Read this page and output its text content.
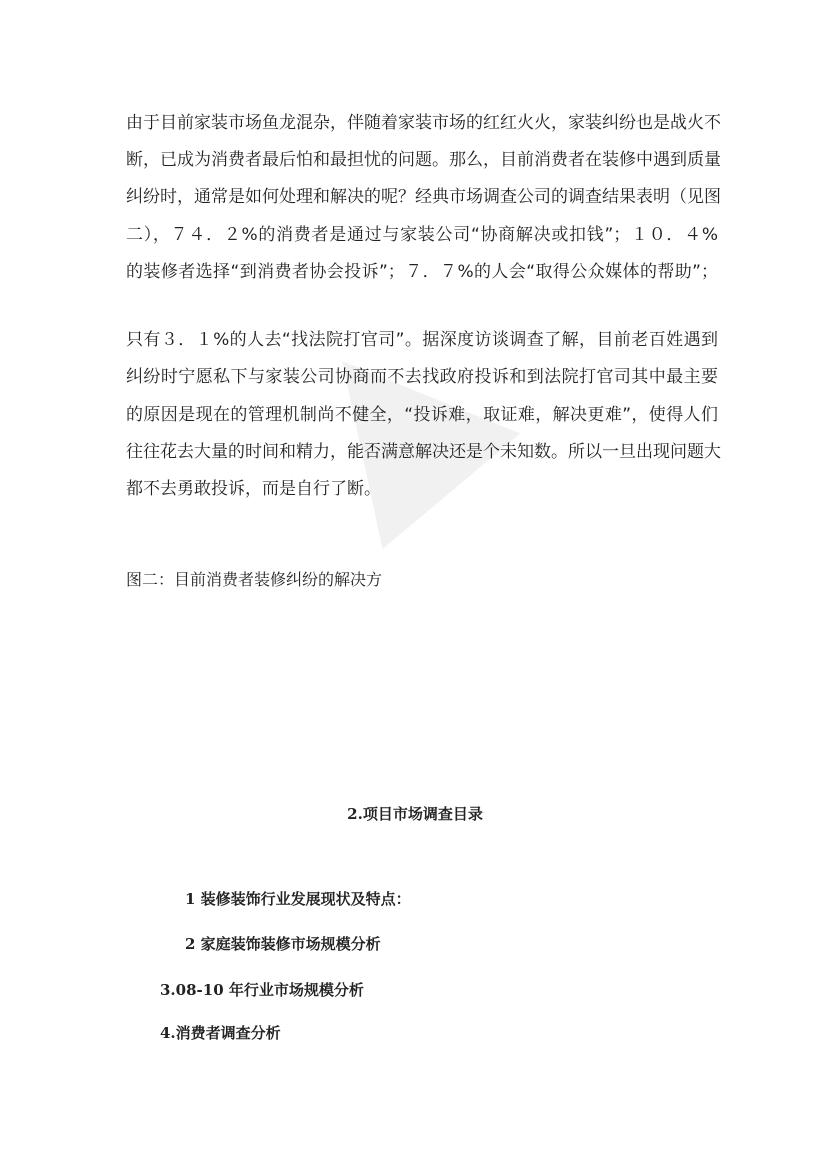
由于目前家装市场鱼龙混杂，伴随着家装市场的红红火火，家装纠纷也是战火不
断，已成为消费者最后怕和最担忧的问题。那么，目前消费者在装修中遇到质量
纠纷时，通常是如何处理和解决的呢？经典市场调查公司的调查结果表明（见图
二），７４．２%的消费者是通过与家装公司“协商解决或扣钱”；１０．４%
的装修者选择“到消费者协会投诉”；７．７%的人会“取得公众媒体的帮助”；
只有３．１%的人去“找法院打官司”。据深度访谈调查了解，目前老百姓遇到
纠纷时宁愿私下与家装公司协商而不去找政府投诉和到法院打官司其中最主要
的原因是现在的管理机制尚不健全，“投诉难，取证难，解决更难”，使得人们
往往花去大量的时间和精力，能否满意解决还是个未知数。所以一旦出现问题大
都不去勇敢投诉，而是自行了断。
图二：目前消费者装修纠纷的解决方
2.项目市场调查目录
1 装修装饰行业发展现状及特点：
2 家庭装饰装修市场规模分析
3.08-10 年行业市场规模分析
4.消费者调查分析
